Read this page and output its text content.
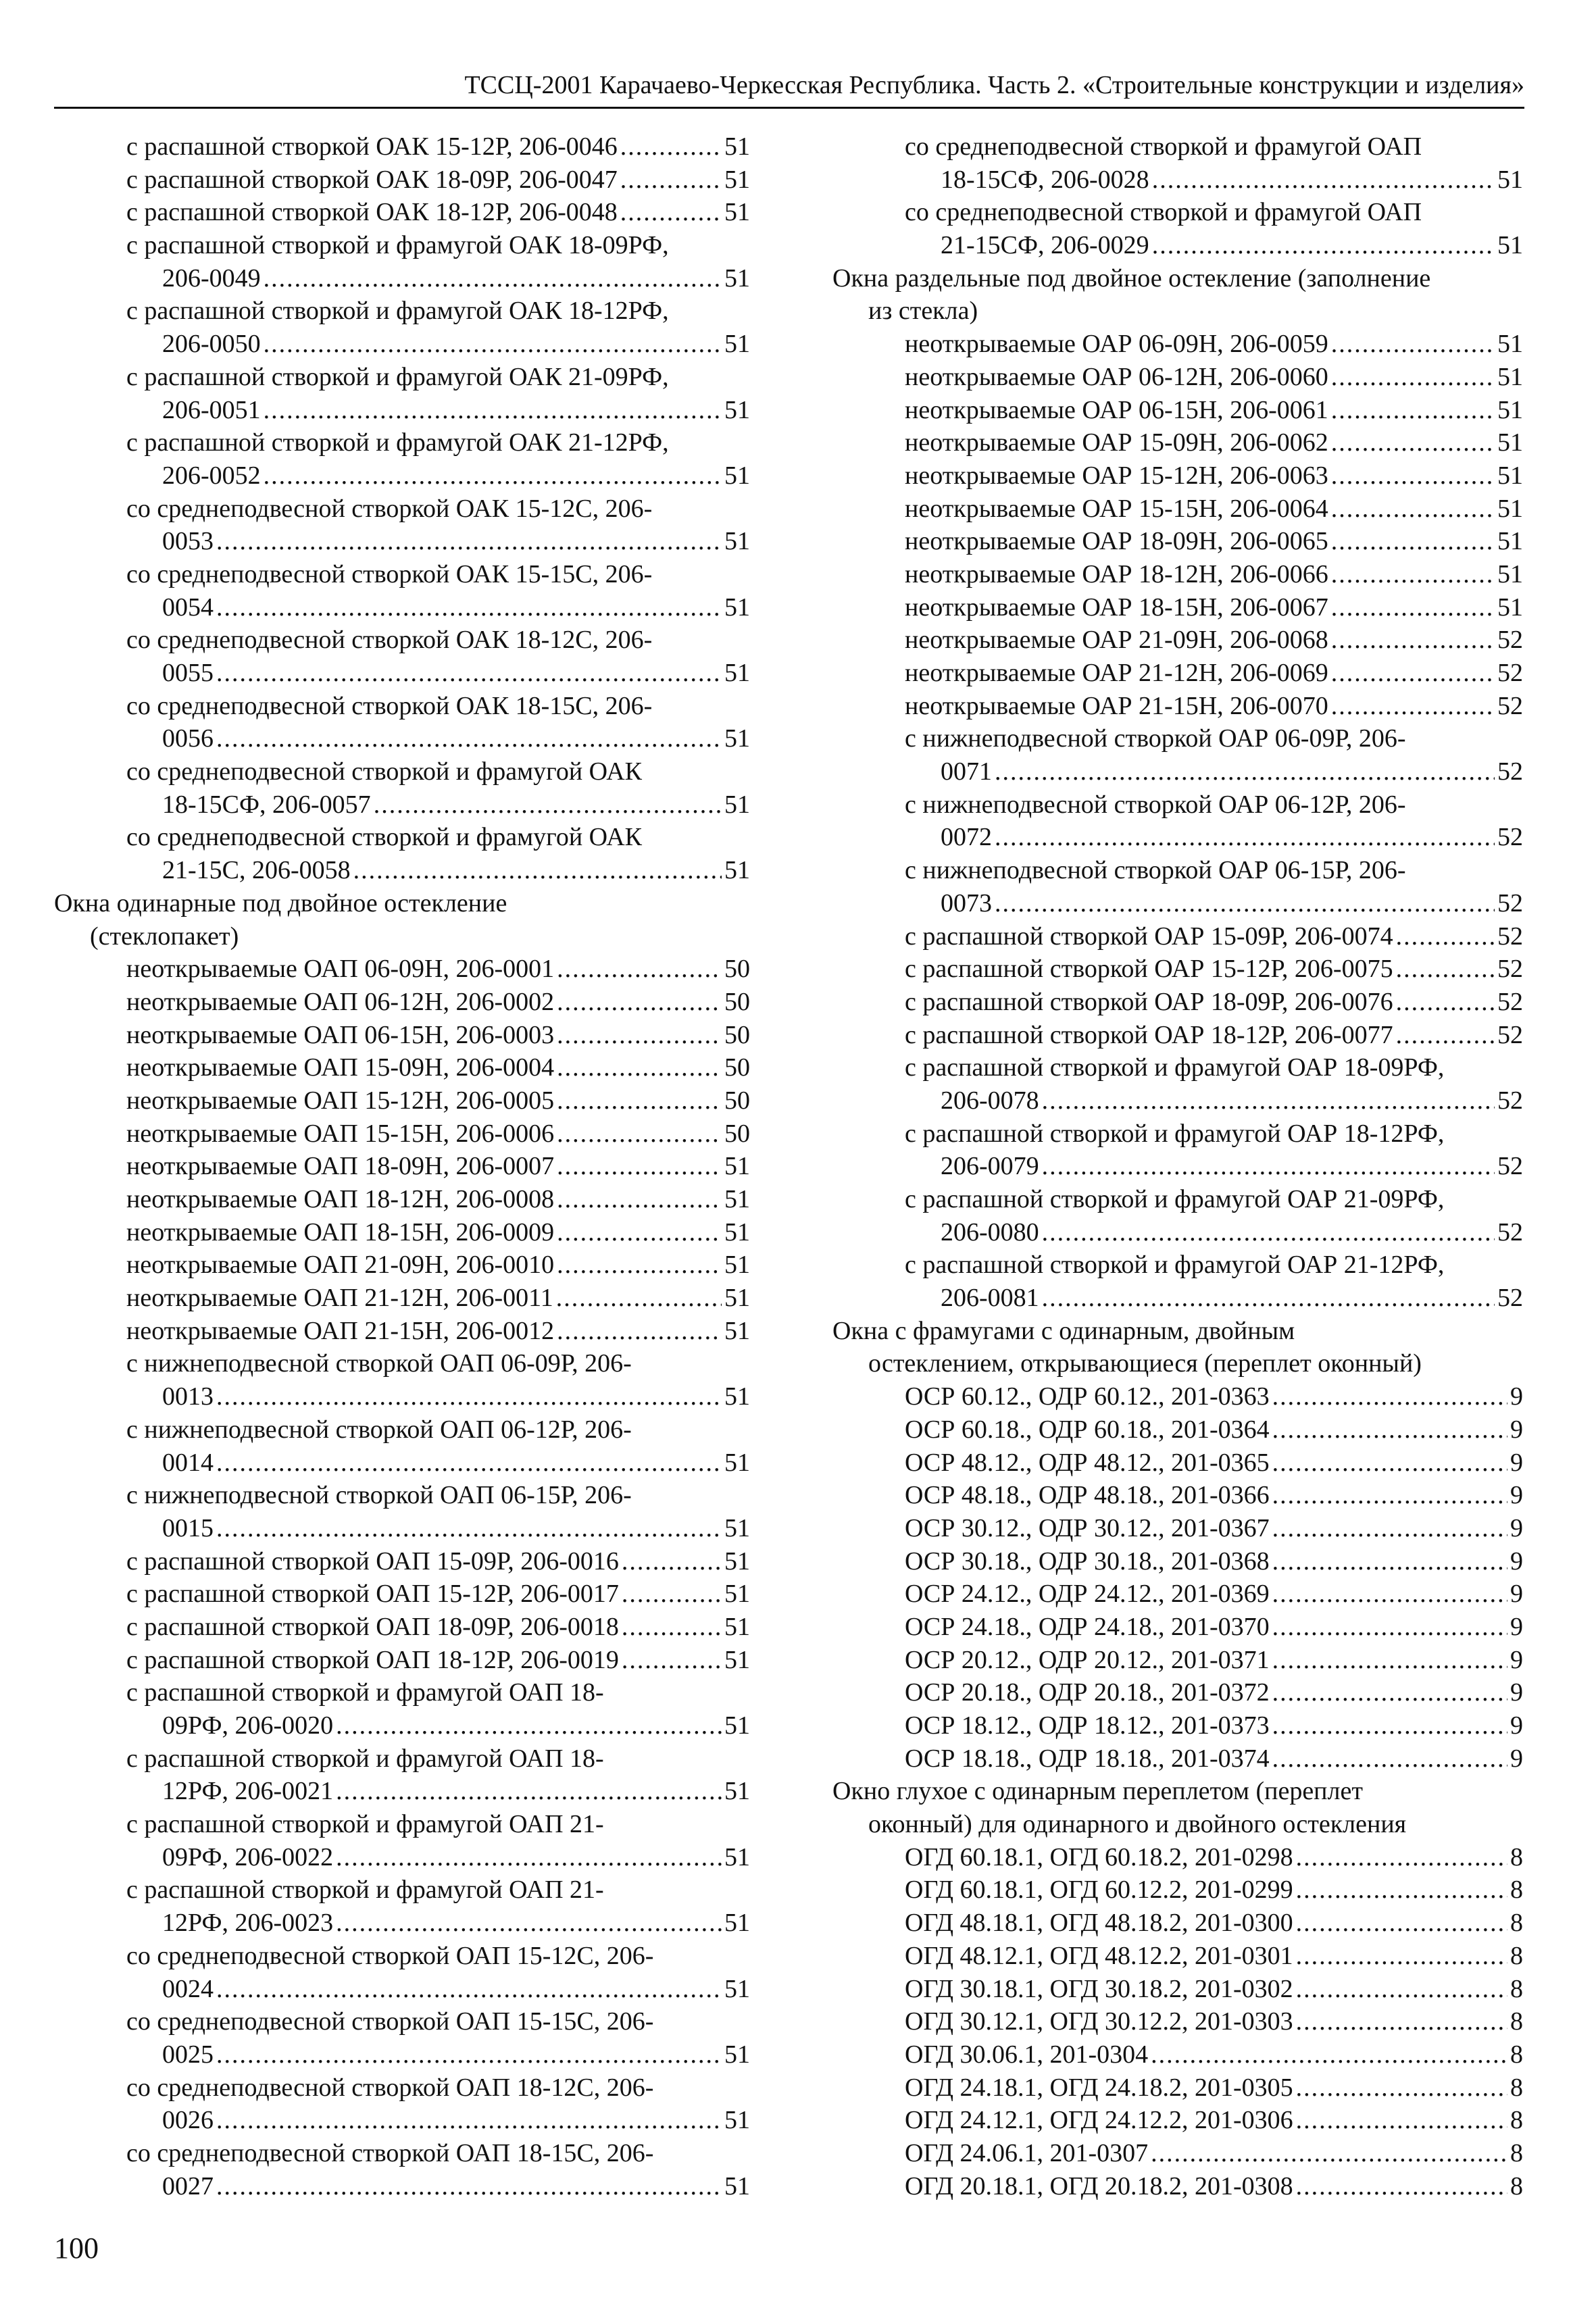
ТССЦ-2001 Карачаево-Черкесская Республика. Часть 2. «Строительные конструкции и изделия»
с распашной створкой ОАК 15-12Р, 206-0046 .....	51
с распашной створкой ОАК 18-09Р, 206-0047 .....	51
с распашной створкой ОАК 18-12Р, 206-0048 .....	51
с распашной створкой и фрамугой ОАК 18-09РФ,
206-0049 .....	51
с распашной створкой и фрамугой ОАК 18-12РФ,
206-0050 .....	51
с распашной створкой и фрамугой ОАК 21-09РФ,
206-0051 .....	51
с распашной створкой и фрамугой ОАК 21-12РФ,
206-0052 .....	51
со среднеподвесной створкой ОАК 15-12С, 206-
0053 .....	51
со среднеподвесной створкой ОАК 15-15С, 206-
0054 .....	51
со среднеподвесной створкой ОАК 18-12С, 206-
0055 .....	51
со среднеподвесной створкой ОАК 18-15С, 206-
0056 .....	51
со среднеподвесной створкой и фрамугой ОАК
18-15СФ, 206-0057 .....	51
со среднеподвесной створкой и фрамугой ОАК
21-15С, 206-0058 .....	51
Окна одинарные под двойное остекление
(стеклопакет)
неоткрываемые ОАП 06-09Н, 206-0001 .....	50
неоткрываемые ОАП 06-12Н, 206-0002 .....	50
неоткрываемые ОАП 06-15Н, 206-0003 .....	50
неоткрываемые ОАП 15-09Н, 206-0004 .....	50
неоткрываемые ОАП 15-12Н, 206-0005 .....	50
неоткрываемые ОАП 15-15Н, 206-0006 .....	50
неоткрываемые ОАП 18-09Н, 206-0007 .....	51
неоткрываемые ОАП 18-12Н, 206-0008 .....	51
неоткрываемые ОАП 18-15Н, 206-0009 .....	51
неоткрываемые ОАП 21-09Н, 206-0010 .....	51
неоткрываемые ОАП 21-12Н, 206-0011 .....	51
неоткрываемые ОАП 21-15Н, 206-0012 .....	51
с нижнеподвесной створкой ОАП 06-09Р, 206-
0013 .....	51
с нижнеподвесной створкой ОАП 06-12Р, 206-
0014 .....	51
с нижнеподвесной створкой ОАП 06-15Р, 206-
0015 .....	51
с распашной створкой ОАП 15-09Р, 206-0016 .....	51
с распашной створкой ОАП 15-12Р, 206-0017 .....	51
с распашной створкой ОАП 18-09Р, 206-0018 .....	51
с распашной створкой ОАП 18-12Р, 206-0019 .....	51
с распашной створкой и фрамугой ОАП 18-
09РФ, 206-0020 .....	51
с распашной створкой и фрамугой ОАП 18-
12РФ, 206-0021 .....	51
с распашной створкой и фрамугой ОАП 21-
09РФ, 206-0022 .....	51
с распашной створкой и фрамугой ОАП 21-
12РФ, 206-0023 .....	51
со среднеподвесной створкой ОАП 15-12С, 206-
0024 .....	51
со среднеподвесной створкой ОАП 15-15С, 206-
0025 .....	51
со среднеподвесной створкой ОАП 18-12С, 206-
0026 .....	51
со среднеподвесной створкой ОАП 18-15С, 206-
0027 .....	51
со среднеподвесной створкой и фрамугой ОАП
18-15СФ, 206-0028 .....	51
со среднеподвесной створкой и фрамугой ОАП
21-15СФ, 206-0029 .....	51
Окна раздельные под двойное остекление (заполнение
из стекла)
неоткрываемые ОАР 06-09Н, 206-0059 .....	51
неоткрываемые ОАР 06-12Н, 206-0060 .....	51
неоткрываемые ОАР 06-15Н, 206-0061 .....	51
неоткрываемые ОАР 15-09Н, 206-0062 .....	51
неоткрываемые ОАР 15-12Н, 206-0063 .....	51
неоткрываемые ОАР 15-15Н, 206-0064 .....	51
неоткрываемые ОАР 18-09Н, 206-0065 .....	51
неоткрываемые ОАР 18-12Н, 206-0066 .....	51
неоткрываемые ОАР 18-15Н, 206-0067 .....	51
неоткрываемые ОАР 21-09Н, 206-0068 .....	52
неоткрываемые ОАР 21-12Н, 206-0069 .....	52
неоткрываемые ОАР 21-15Н, 206-0070 .....	52
с нижнеподвесной створкой ОАР 06-09Р, 206-
0071 .....	52
с нижнеподвесной створкой ОАР 06-12Р, 206-
0072 .....	52
с нижнеподвесной створкой ОАР 06-15Р, 206-
0073 .....	52
с распашной створкой ОАР 15-09Р, 206-0074 .....	52
с распашной створкой ОАР 15-12Р, 206-0075 .....	52
с распашной створкой ОАР 18-09Р, 206-0076 .....	52
с распашной створкой ОАР 18-12Р, 206-0077 .....	52
с распашной створкой и фрамугой ОАР 18-09РФ,
206-0078 .....	52
с распашной створкой и фрамугой ОАР 18-12РФ,
206-0079 .....	52
с распашной створкой и фрамугой ОАР 21-09РФ,
206-0080 .....	52
с распашной створкой и фрамугой ОАР 21-12РФ,
206-0081 .....	52
Окна с фрамугами с одинарным, двойным
остеклением, открывающиеся (переплет оконный)
ОСР 60.12., ОДР 60.12., 201-0363 .....	9
ОСР 60.18., ОДР 60.18., 201-0364 .....	9
ОСР 48.12., ОДР 48.12., 201-0365 .....	9
ОСР 48.18., ОДР 48.18., 201-0366 .....	9
ОСР 30.12., ОДР 30.12., 201-0367 .....	9
ОСР 30.18., ОДР 30.18., 201-0368 .....	9
ОСР 24.12., ОДР 24.12., 201-0369 .....	9
ОСР 24.18., ОДР 24.18., 201-0370 .....	9
ОСР 20.12., ОДР 20.12., 201-0371 .....	9
ОСР 20.18., ОДР 20.18., 201-0372 .....	9
ОСР 18.12., ОДР 18.12., 201-0373 .....	9
ОСР 18.18., ОДР 18.18., 201-0374 .....	9
Окно глухое с одинарным переплетом (переплет
оконный) для одинарного и двойного остекления
ОГД 60.18.1, ОГД 60.18.2, 201-0298 .....	8
ОГД 60.18.1, ОГД 60.12.2, 201-0299 .....	8
ОГД 48.18.1, ОГД 48.18.2, 201-0300 .....	8
ОГД 48.12.1, ОГД 48.12.2, 201-0301 .....	8
ОГД 30.18.1, ОГД 30.18.2, 201-0302 .....	8
ОГД 30.12.1, ОГД 30.12.2, 201-0303 .....	8
ОГД 30.06.1, 201-0304 .....	8
ОГД 24.18.1, ОГД 24.18.2, 201-0305 .....	8
ОГД 24.12.1, ОГД 24.12.2, 201-0306 .....	8
ОГД 24.06.1, 201-0307 .....	8
ОГД 20.18.1, ОГД 20.18.2, 201-0308 .....	8
100
